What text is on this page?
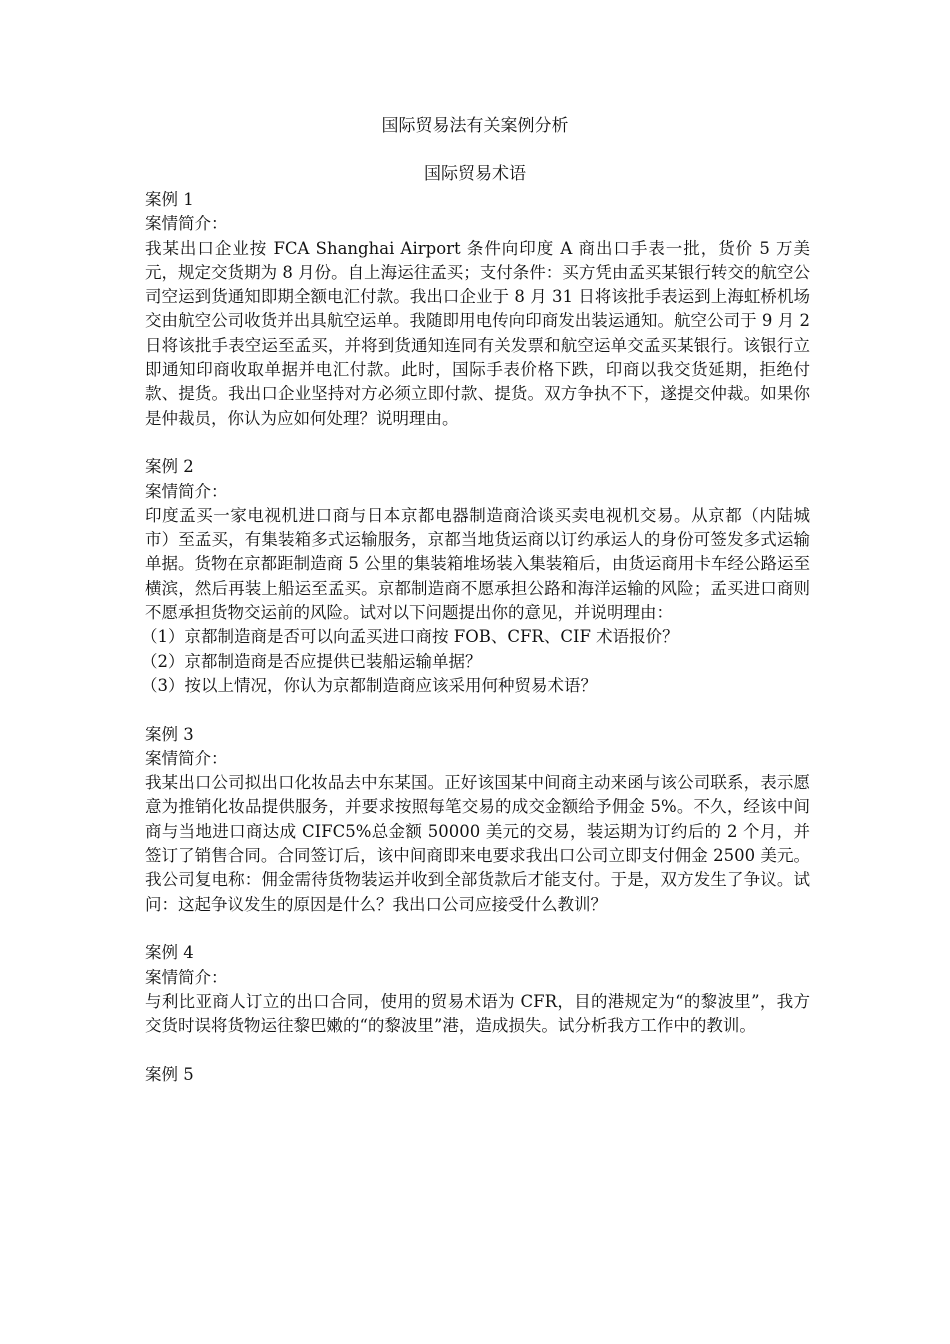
国际贸易法有关案例分析
国际贸易术语
案例 1
案情简介：

我某出口企业按 FCA Shanghai Airport 条件向印度 A 商出口手表一批，货价 5 万美元，规定交货期为 8 月份。自上海运往孟买；支付条件：买方凭由孟买某银行转交的航空公司空运到货通知即期全额电汇付款。我出口企业于 8 月 31 日将该批手表运到上海虹桥机场交由航空公司收货并出具航空运单。我随即用电传向印商发出装运通知。航空公司于 9 月 2 日将该批手表空运至孟买，并将到货通知连同有关发票和航空运单交孟买某银行。该银行立即通知印商收取单据并电汇付款。此时，国际手表价格下跌，印商以我交货延期，拒绝付款、提货。我出口企业坚持对方必须立即付款、提货。双方争执不下，遂提交仲裁。如果你是仲裁员，你认为应如何处理？说明理由。

案例 2
案情简介：

印度孟买一家电视机进口商与日本京都电器制造商洽谈买卖电视机交易。从京都（内陆城市）至孟买，有集装箱多式运输服务，京都当地货运商以订约承运人的身份可签发多式运输单据。货物在京都距制造商 5 公里的集装箱堆场装入集装箱后，由货运商用卡车经公路运至横滨，然后再装上船运至孟买。京都制造商不愿承担公路和海洋运输的风险；孟买进口商则不愿承担货物交运前的风险。试对以下问题提出你的意见，并说明理由：

（1）京都制造商是否可以向孟买进口商按 FOB、CFR、CIF 术语报价？
（2）京都制造商是否应提供已装船运输单据？
（3）按以上情况，你认为京都制造商应该采用何种贸易术语？
案例 3
案情简介：

我某出口公司拟出口化妆品去中东某国。正好该国某中间商主动来函与该公司联系，表示愿意为推销化妆品提供服务，并要求按照每笔交易的成交金额给予佣金 5%。不久，经该中间商与当地进口商达成 CIFC5%总金额 50000 美元的交易，装运期为订约后的 2 个月，并签订了销售合同。合同签订后，该中间商即来电要求我出口公司立即支付佣金 2500 美元。我公司复电称：佣金需待货物装运并收到全部货款后才能支付。于是，双方发生了争议。试问：这起争议发生的原因是什么？我出口公司应接受什么教训？

案例 4
案情简介：

与利比亚商人订立的出口合同，使用的贸易术语为 CFR，目的港规定为“的黎波里”，我方交货时误将货物运往黎巴嫩的“的黎波里”港，造成损失。试分析我方工作中的教训。

案例 5
